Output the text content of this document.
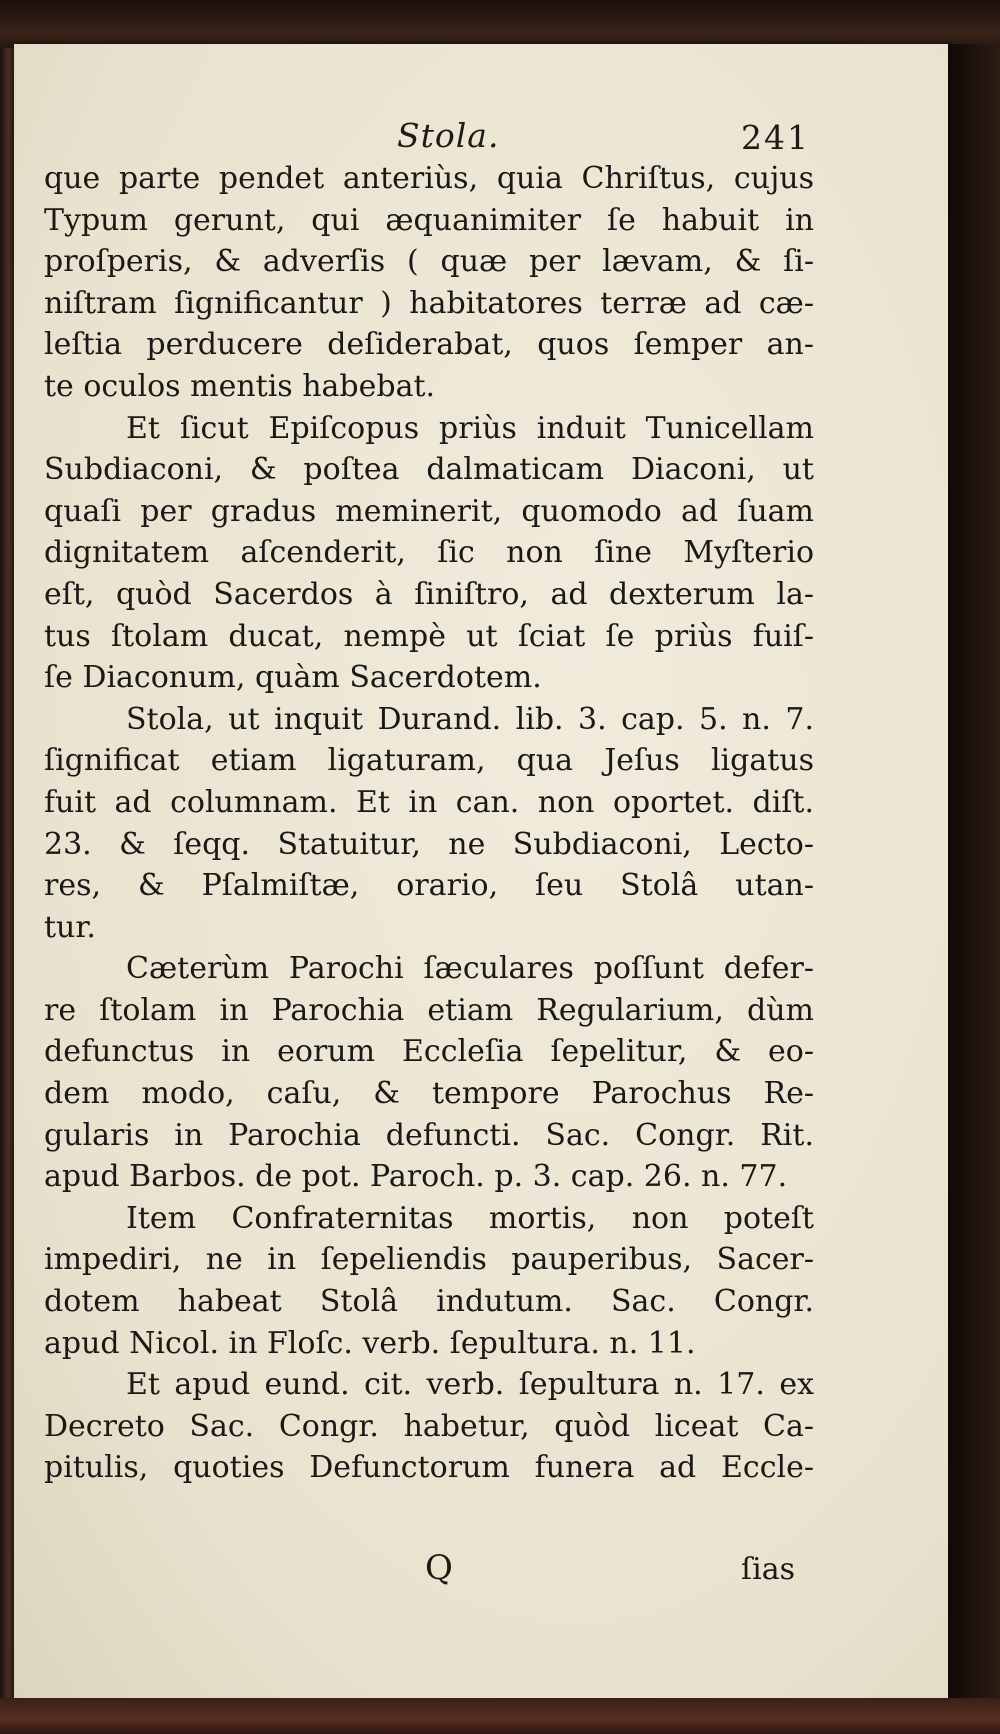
Stola.	241
que parte pendet anteriùs, quia Chriſtus, cujus
Typum gerunt, qui æquanimiter ſe habuit in
proſperis, & adverſis ( quæ per lævam, & ſi-
niſtram ſignificantur ) habitatores terræ ad cæ-
leſtia perducere deſiderabat, quos ſemper an-
te oculos mentis habebat.
Et ſicut Epiſcopus priùs induit Tunicellam
Subdiaconi, & poſtea dalmaticam Diaconi, ut
quaſi per gradus meminerit, quomodo ad ſuam
dignitatem aſcenderit, ſic non ſine Myſterio
eſt, quòd Sacerdos à ſiniſtro, ad dexterum la-
tus ſtolam ducat, nempè ut ſciat ſe priùs fuiſ-
ſe Diaconum, quàm Sacerdotem.
Stola, ut inquit Durand. lib. 3. cap. 5. n. 7.
ſignificat etiam ligaturam, qua Jeſus ligatus
fuit ad columnam. Et in can. non oportet. diſt.
23. & ſeqq. Statuitur, ne Subdiaconi, Lecto-
res, & Pſalmiſtæ, orario, ſeu Stolâ utan-
tur.
Cæterùm Parochi ſæculares poſſunt defer-
re ſtolam in Parochia etiam Regularium, dùm
defunctus in eorum Eccleſia ſepelitur, & eo-
dem modo, caſu, & tempore Parochus Re-
gularis in Parochia defuncti. Sac. Congr. Rit.
apud Barbos. de pot. Paroch. p. 3. cap. 26. n. 77.
Item Confraternitas mortis, non poteſt
impediri, ne in ſepeliendis pauperibus, Sacer-
dotem habeat Stolâ indutum. Sac. Congr.
apud Nicol. in Floſc. verb. ſepultura. n. 11.
Et apud eund. cit. verb. ſepultura n. 17. ex
Decreto Sac. Congr. habetur, quòd liceat Ca-
pitulis, quoties Defunctorum funera ad Eccle-
Q	ſias
